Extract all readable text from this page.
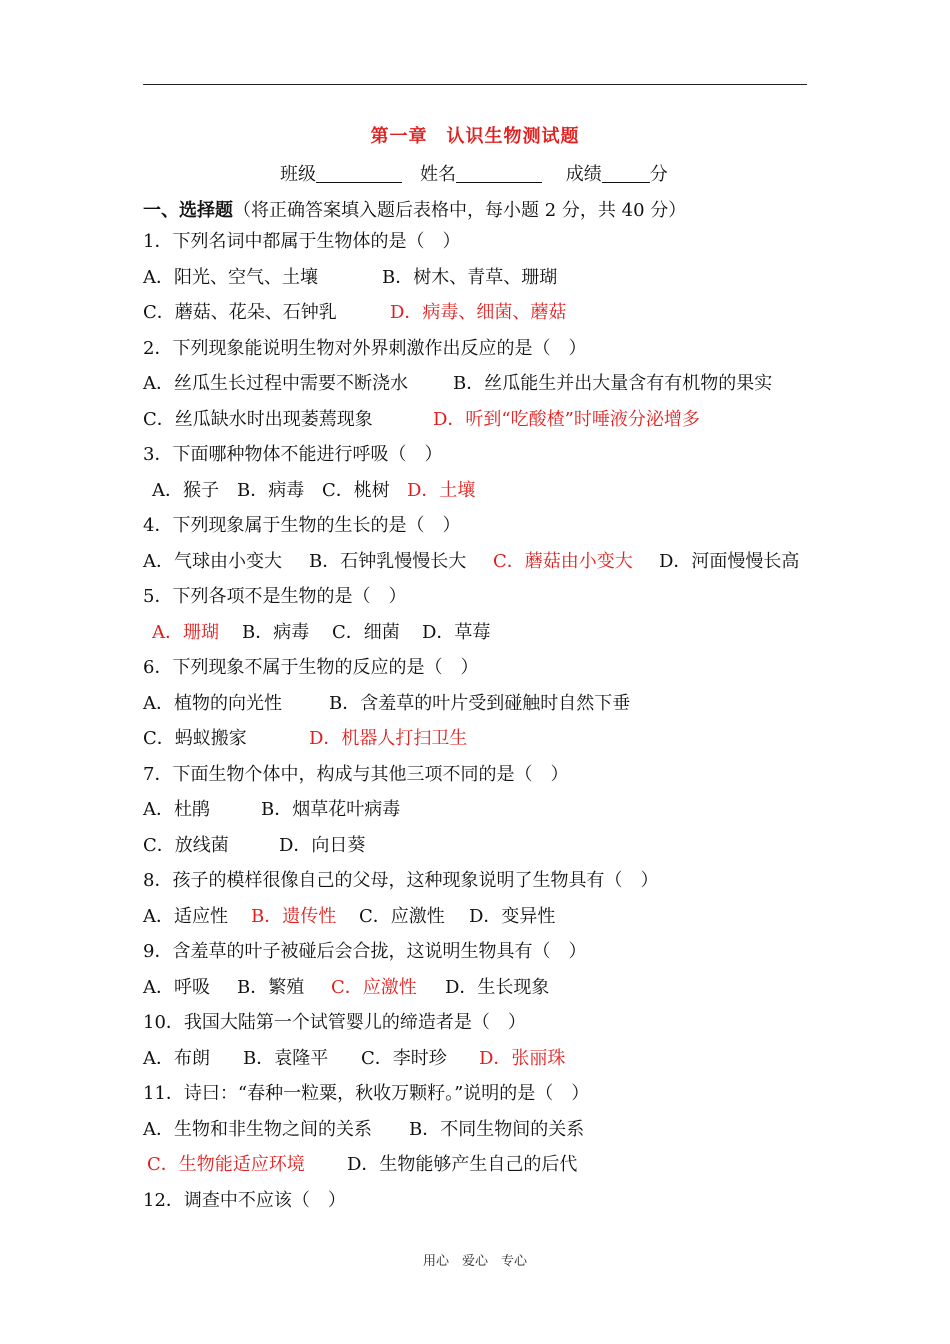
第一章　认识生物测试题
班级　	姓名　	成绩	分
一、选择题（将正确答案填入题后表格中，每小题 2 分，共 40 分）
1．下列名词中都属于生物体的是（　）
A．阳光、空气、土壤	B．树木、青草、珊瑚
C．蘑菇、花朵、石钟乳	D．病毒、细菌、蘑菇
2．下列现象能说明生物对外界刺激作出反应的是（　）
A．丝瓜生长过程中需要不断浇水	B．丝瓜能生并出大量含有有机物的果实
C．丝瓜缺水时出现萎蔫现象	D．听到“吃酸楂”时唾液分泌增多
3．下面哪种物体不能进行呼吸（　）
A．猴子 B．病毒 C．桃树 D．土壤
4．下列现象属于生物的生长的是（　）
A．气球由小变大 B．石钟乳慢慢长大 C．蘑菇由小变大 D．河面慢慢长高
5．下列各项不是生物的是（　）
A．珊瑚 B．病毒 C．细菌 D．草莓
6．下列现象不属于生物的反应的是（　）
A．植物的向光性	B．含羞草的叶片受到碰触时自然下垂
C．蚂蚁搬家	D．机器人打扫卫生
7．下面生物个体中，构成与其他三项不同的是（　）
A．杜鹃	B．烟草花叶病毒
C．放线菌	D．向日葵
8．孩子的模样很像自己的父母，这种现象说明了生物具有（　）
A．适应性 B．遗传性 C．应激性 D．变异性
9．含羞草的叶子被碰后会合拢，这说明生物具有（　）
A．呼吸 B．繁殖 C．应激性 D．生长现象
10．我国大陆第一个试管婴儿的缔造者是（　）
A．布朗 B．袁隆平 C．李时珍 D．张丽珠
11．诗曰：“春种一粒粟，秋收万颗籽。”说明的是（　）
A．生物和非生物之间的关系 B．不同生物间的关系
C．生物能适应环境 D．生物能够产生自己的后代
12．调查中不应该（　）
用心　爱心　专心
